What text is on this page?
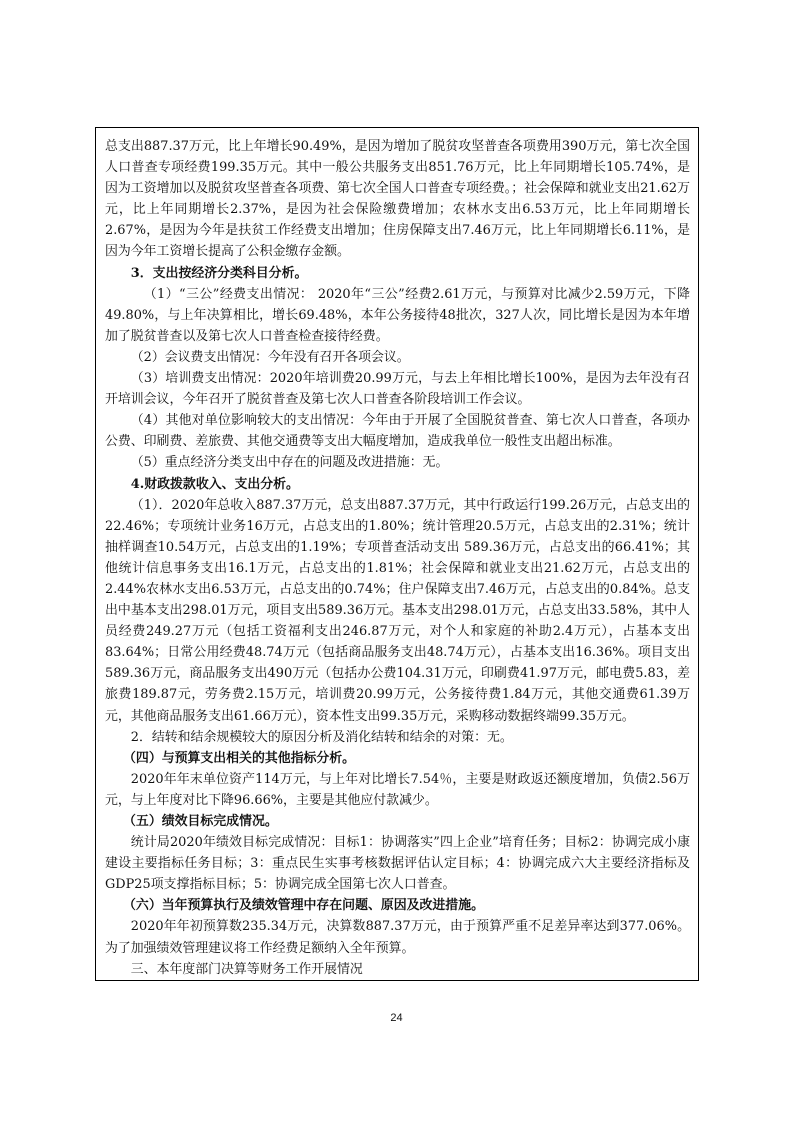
总支出887.37万元，比上年增长90.49%，是因为增加了脱贫攻坚普查各项费用390万元，第七次全国人口普查专项经费199.35万元。其中一般公共服务支出851.76万元，比上年同期增长105.74%，是因为工资增加以及脱贫攻坚普查各项费、第七次全国人口普查专项经费。；社会保障和就业支出21.62万元，比上年同期增长2.37%，是因为社会保险缴费增加；农林水支出6.53万元，比上年同期增长2.67%，是因为今年是扶贫工作经费支出增加；住房保障支出7.46万元，比上年同期增长6.11%，是因为今年工资增长提高了公积金缴存金额。

3．支出按经济分类科目分析。

（1）“三公”经费支出情况： 2020年“三公”经费2.61万元，与预算对比减少2.59万元，下降49.80%，与上年决算相比，增长69.48%，本年公务接待48批次，327人次，同比增长是因为本年增加了脱贫普查以及第七次人口普查检查接待经费。

（2）会议费支出情况：今年没有召开各项会议。

（3）培训费支出情况：2020年培训费20.99万元，与去上年相比增长100%，是因为去年没有召开培训会议，今年召开了脱贫普查及第七次人口普查各阶段培训工作会议。

（4）其他对单位影响较大的支出情况：今年由于开展了全国脱贫普查、第七次人口普查，各项办公费、印刷费、差旅费、其他交通费等支出大幅度增加，造成我单位一般性支出超出标准。

（5）重点经济分类支出中存在的问题及改进措施：无。

4.财政拨款收入、支出分析。

（1）．2020年总收入887.37万元，总支出887.37万元，其中行政运行199.26万元，占总支出的22.46%；专项统计业务16万元，占总支出的1.80%；统计管理20.5万元，占总支出的2.31%；统计抽样调查10.54万元，占总支出的1.19%；专项普查活动支出 589.36万元，占总支出的66.41%；其他统计信息事务支出16.1万元，占总支出的1.81%；社会保障和就业支出21.62万元，占总支出的2.44%农林水支出6.53万元，占总支出的0.74%；住户保障支出7.46万元，占总支出的0.84%。总支出中基本支出298.01万元，项目支出589.36万元。基本支出298.01万元，占总支出33.58%，其中人员经费249.27万元（包括工资福利支出246.87万元，对个人和家庭的补助2.4万元），占基本支出83.64%；日常公用经费48.74万元（包括商品服务支出48.74万元），占基本支出16.36%。项目支出589.36万元，商品服务支出490万元（包括办公费104.31万元，印刷费41.97万元，邮电费5.83，差旅费189.87元，劳务费2.15万元，培训费20.99万元，公务接待费1.84万元，其他交通费61.39万元，其他商品服务支出61.66万元），资本性支出99.35万元，采购移动数据终端99.35万元。

2．结转和结余规模较大的原因分析及消化结转和结余的对策：无。

（四）与预算支出相关的其他指标分析。

2020年年末单位资产114万元，与上年对比增长7.54％，主要是财政返还额度增加，负债2.56万元，与上年度对比下降96.66%，主要是其他应付款减少。

（五）绩效目标完成情况。

统计局2020年绩效目标完成情况：目标1：协调落实”四上企业”培育任务；目标2：协调完成小康建设主要指标任务目标；3：重点民生实事考核数据评估认定目标；4：协调完成六大主要经济指标及GDP25项支撑指标目标；5：协调完成全国第七次人口普查。

（六）当年预算执行及绩效管理中存在问题、原因及改进措施。

2020年年初预算数235.34万元，决算数887.37万元，由于预算严重不足差异率达到377.06%。为了加强绩效管理建议将工作经费足额纳入全年预算。

三、本年度部门决算等财务工作开展情况

24
